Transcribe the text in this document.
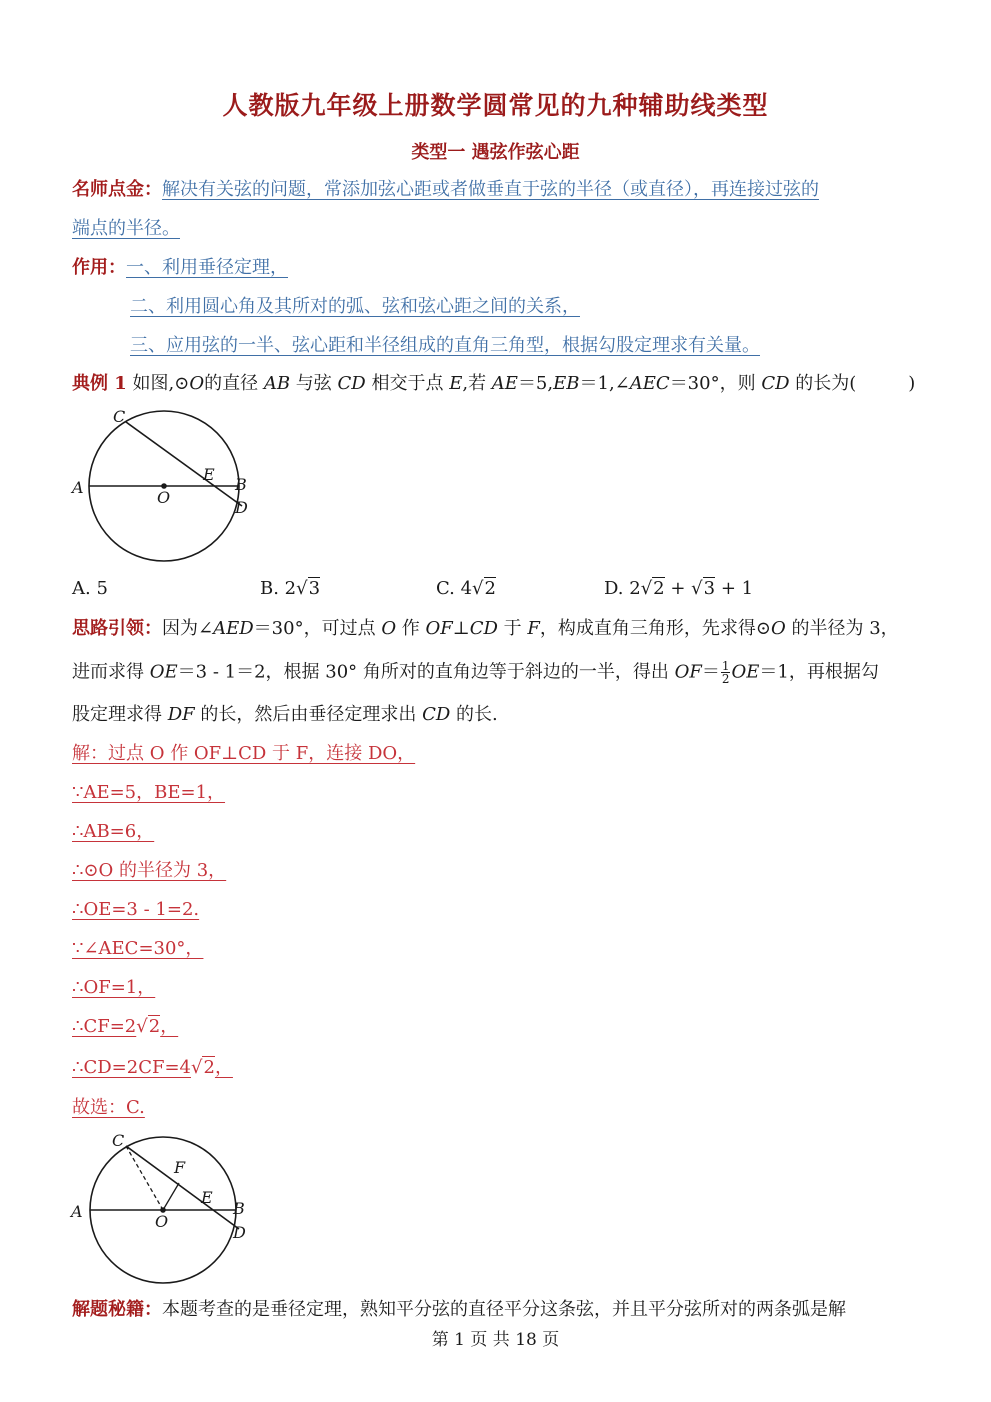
人教版九年级上册数学圆常见的九种辅助线类型
类型一 遇弦作弦心距
名师点金：解决有关弦的问题，常添加弦心距或者做垂直于弦的半径（或直径），再连接过弦的
端点的半径。
作用：一、利用垂径定理，
二、利用圆心角及其所对的弧、弦和弦心距之间的关系，
三、应用弦的一半、弦心距和半径组成的直角三角型，根据勾股定理求有关量。
典例 1 如图,⊙O的直径 AB 与弦 CD 相交于点 E,若 AE＝5,EB＝1,∠AEC＝30°，则 CD 的长为(	)
C
E
A
O
B
D
A. 5	B. 2√3	C. 4√2	D. 2√2 + √3 + 1
思路引领：因为∠AED＝30°，可过点 O 作 OF⊥CD 于 F，构成直角三角形，先求得⊙O 的半径为 3，
进而求得 OE＝3 - 1＝2，根据 30° 角所对的直角边等于斜边的一半，得出 $OF= \frac{1}{2} OE=1$，再根据勾
股定理求得 DF 的长，然后由垂径定理求出 CD 的长.
解：过点 O 作 OF⊥CD 于 F，连接 DO，
∵AE=5，BE=1，
∴AB=6，
∴⊙O 的半径为 3，
∴OE=3 - 1=2.
∵∠AEC=30°，
∴OF=1，
∴CF=2√2，
∴CD=2CF=4√2，
故选：C.
C
F
E
A
O
B
D
解题秘籍：本题考查的是垂径定理，熟知平分弦的直径平分这条弦，并且平分弦所对的两条弧是解
第 1 页 共 18 页
